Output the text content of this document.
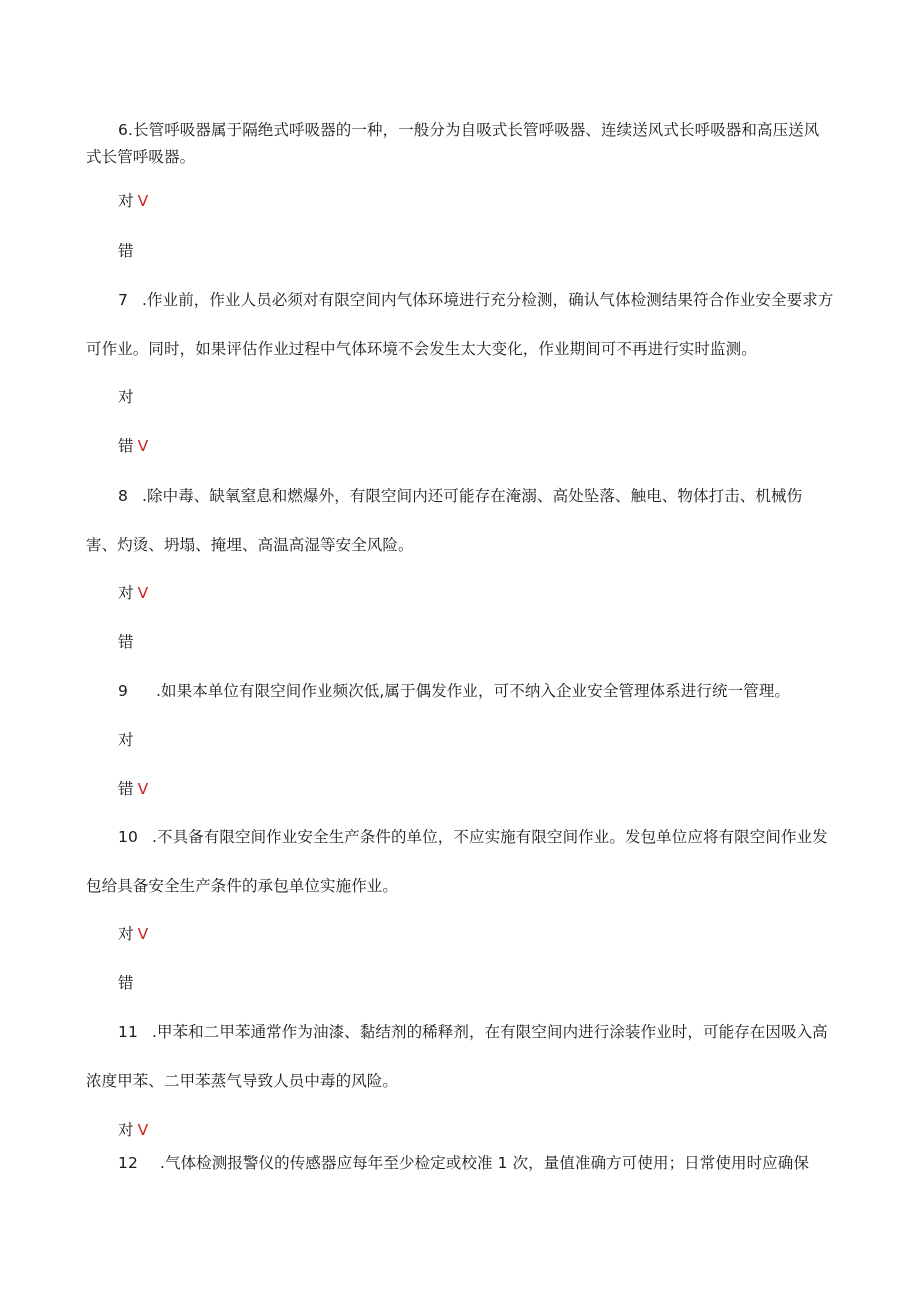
6.长管呼吸器属于隔绝式呼吸器的一种，一般分为自吸式长管呼吸器、连续送风式长呼吸器和高压送风
式长管呼吸器。
对 V
错
7 .作业前，作业人员必须对有限空间内气体环境进行充分检测，确认气体检测结果符合作业安全要求方
可作业。同时，如果评估作业过程中气体环境不会发生太大变化，作业期间可不再进行实时监测。
对
错 V
8 .除中毒、缺氧窒息和燃爆外，有限空间内还可能存在淹溺、高处坠落、触电、物体打击、机械伤
害、灼烫、坍塌、掩埋、高温高湿等安全风险。
对 V
错
9 .如果本单位有限空间作业频次低,属于偶发作业，可不纳入企业安全管理体系进行统一管理。
对
错 V
10 .不具备有限空间作业安全生产条件的单位，不应实施有限空间作业。发包单位应将有限空间作业发
包给具备安全生产条件的承包单位实施作业。
对 V
错
11 .甲苯和二甲苯通常作为油漆、黏结剂的稀释剂，在有限空间内进行涂装作业时，可能存在因吸入高
浓度甲苯、二甲苯蒸气导致人员中毒的风险。
对 V
12 .气体检测报警仪的传感器应每年至少检定或校准 1 次，量值准确方可使用；日常使用时应确保
